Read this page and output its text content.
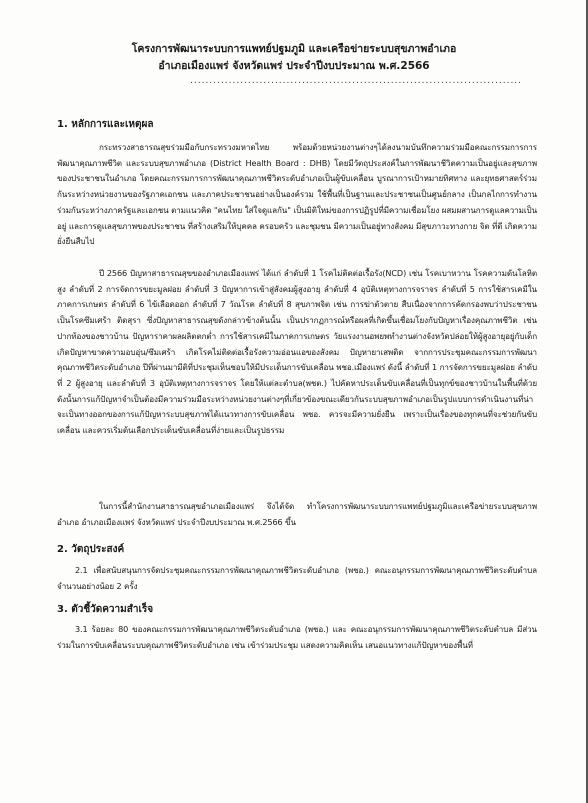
โครงการพัฒนาระบบการแพทย์ปฐมภูมิ และเครือข่ายระบบสุขภาพอำเภอ
อำเภอเมืองแพร่ จังหวัดแพร่ ประจำปีงบประมาณ พ.ศ.2566
......................................................................................
1. หลักการและเหตุผล
กระทรวงสาธารณสุขร่วมมือกับกระทรวงมหาดไทย พร้อมด้วยหน่วยงานต่างๆได้ลงนามบันทึกความร่วมมือคณะกรรมการการพัฒนาคุณภาพชีวิต และระบบสุขภาพอำเภอ (District Health Board : DHB) โดยมีวัตถุประสงค์ในการพัฒนาชีวิตความเป็นอยู่และสุขภาพของประชาชนในอำเภอ โดยคณะกรรมการการพัฒนาคุณภาพชีวิตระดับอำเภอเป็นผู้ขับเคลื่อน บูรณาการเป้าหมายทิศทาง และยุทธศาสตร์ร่วมกันระหว่างหน่วยงานของรัฐภาคเอกชน และภาคประชาชนอย่างเป็นองค์รวม ใช้พื้นที่เป็นฐานและประชาชนเป็นศูนย์กลาง เป็นกลไกการทำงานร่วมกันระหว่างภาครัฐและเอกชน ตามแนวคิด "คนไทย ใส่ใจดูแลกัน" เป็นมิติใหม่ของการปฏิรูปที่มีความเชื่อมโยง ผสมผสานการดูแลความเป็นอยู่ และการดูแลสุขภาพของประชาชน ที่สร้างเสริมให้บุคคล ครอบครัว และชุมชน มีความเป็นอยู่ทางสังคม มีสุขภาวะทางกาย จิต ที่ดี เกิดความยั่งยืนสืบไป
ปี 2566 ปัญหาสาธารณสุขของอำเภอเมืองแพร่ ได้แก่ ลำดับที่ 1 โรคไม่ติดต่อเรื้อรัง(NCD) เช่น โรคเบาหวาน โรคความดันโลหิตสูง ลำดับที่ 2 การจัดการขยะมูลฝอย ลำดับที่ 3 ปัญหาการเข้าสู่สังคมผู้สูงอายุ ลำดับที่ 4 อุบัติเหตุทางการจราจร ลำดับที่ 5 การใช้สารเคมีในภาคการเกษตร ลำดับที่ 6 ไข้เลือดออก ลำดับที่ 7 วัณโรค ลำดับที่ 8 สุขภาพจิต เช่น การฆ่าตัวตาย สืบเนื่องจากการคัดกรองพบว่าประชาชนเป็นโรคซึมเศร้า ติดสุรา ซึ่งปัญหาสาธารณสุขดังกล่าวข้างต้นนั้น เป็นปรากฏการณ์หรือผลที่เกิดขึ้นเชื่อมโยงกับปัญหาเรื่องคุณภาพชีวิต เช่น ปากท้องของชาวบ้าน ปัญหาราคาผลผลิตตกต่ำ การใช้สารเคมีในภาคการเกษตร วัยแรงงานอพยพทำงานต่างจังหวัดปล่อยให้ผู้สูงอายุอยู่กับเด็ก เกิดปัญหาขาดความอบอุ่น/ซึมเศร้า เกิดโรคไม่ติดต่อเรื้อรังความอ่อนแอของสังคม ปัญหายาเสพติด จากการประชุมคณะกรรมการพัฒนาคุณภาพชีวิตระดับอำเภอ ปีที่ผ่านมามีติที่ประชุมเห็นชอบให้มีประเด็นการขับเคลื่อน พชอ.เมืองแพร่ ดังนี้ ลำดับที่ 1 การจัดการขยะมูลฝอย ลำดับที่ 2 ผู้สูงอายุ และลำดับที่ 3 อุบัติเหตุทางการจราจร โดยให้แต่ละตำบล(พชต.) ไปคัดหาประเด็นขับเคลื่อนที่เป็นทุกข์ของชาวบ้านในพื้นที่ด้วย ดังนั้นการแก้ปัญหาจำเป็นต้องมีความร่วมมือระหว่างหน่วยงานต่างๆที่เกี่ยวข้องขณะเดียวกันระบบสุขภาพอำเภอเป็นรูปแบบการดำเนินงานที่น่าจะเป็นทางออกของการแก้ปัญหาระบบสุขภาพได้แนวทางการขับเคลื่อน พชอ. ควรจะมีความยั่งยืน เพราะเป็นเรื่องของทุกคนที่จะช่วยกันขับเคลื่อน และควรเริ่มต้นเลือกประเด็นขับเคลื่อนที่ง่ายและเป็นรูปธรรม
ในการนี้สำนักงานสาธารณสุขอำเภอเมืองแพร่ จึงได้จัด ทำโครงการพัฒนาระบบการแพทย์ปฐมภูมิและเครือข่ายระบบสุขภาพอำเภอ อำเภอเมืองแพร่ จังหวัดแพร่ ประจำปีงบประมาณ พ.ศ.2566 ขึ้น
2. วัตถุประสงค์
2.1 เพื่อสนับสนุนการจัดประชุมคณะกรรมการพัฒนาคุณภาพชีวิตระดับอำเภอ (พชอ.) คณะอนุกรรมการพัฒนาคุณภาพชีวิตระดับตำบล จำนวนอย่างน้อย 2 ครั้ง
3. ตัวชี้วัดความสำเร็จ
3.1 ร้อยละ 80 ของคณะกรรมการพัฒนาคุณภาพชีวิตระดับอำเภอ (พชอ.) และ คณะอนุกรรมการพัฒนาคุณภาพชีวิตระดับตำบล มีส่วนร่วมในการขับเคลื่อนระบบคุณภาพชีวิตระดับอำเภอ เช่น เข้าร่วมประชุม แสดงความคิดเห็น เสนอแนวทางแก้ปัญหาของพื้นที่
